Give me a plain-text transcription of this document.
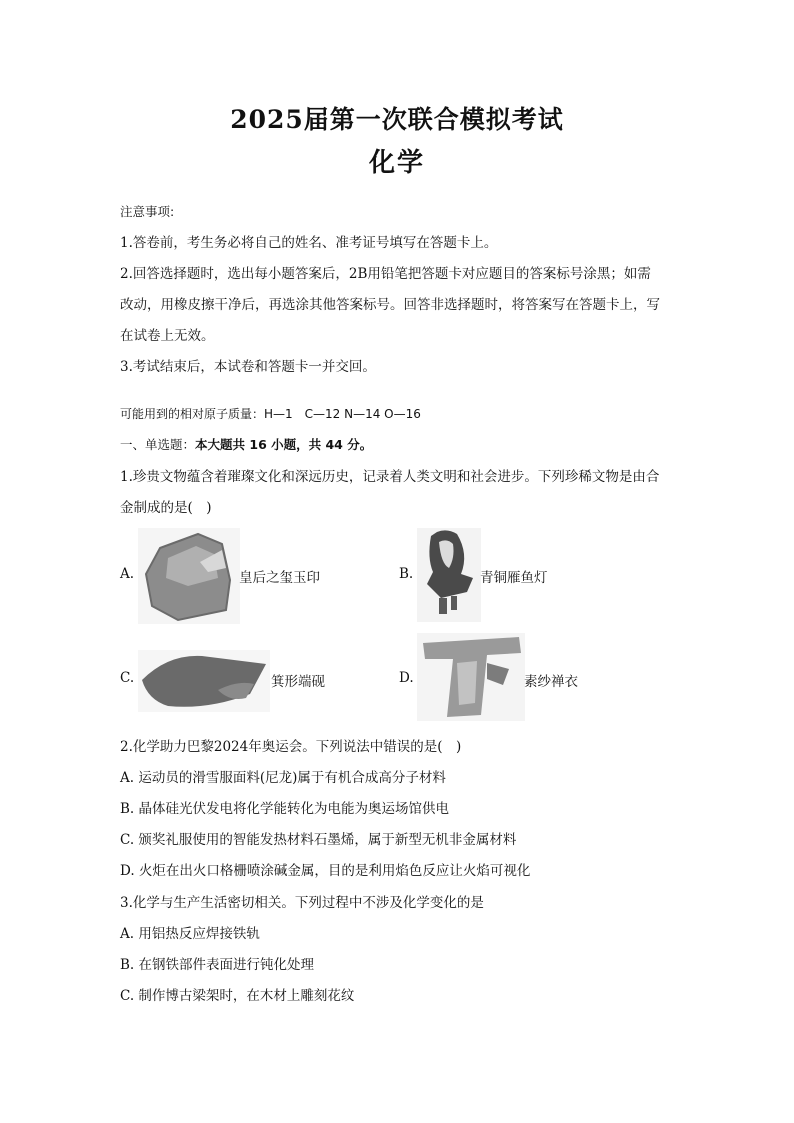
2025届第一次联合模拟考试
化学
注意事项:
1.答卷前，考生务必将自己的姓名、准考证号填写在答题卡上。
2.回答选择题时，选出每小题答案后，2B用铅笔把答题卡对应题目的答案标号涂黑；如需
改动，用橡皮擦干净后，再选涂其他答案标号。回答非选择题时，将答案写在答题卡上，写
在试卷上无效。
3.考试结束后，本试卷和答题卡一并交回。
可能用到的相对原子质量：H—1　C—12 N—14 O—16
一、单选题：本大题共 16 小题，共 44 分。
1.珍贵文物蕴含着璀璨文化和深远历史，记录着人类文明和社会进步。下列珍稀文物是由合
金制成的是(　)
A.	皇后之玺玉印	B.	青铜雁鱼灯
C.	箕形端砚	D.	素纱禅衣
2.化学助力巴黎2024年奥运会。下列说法中错误的是(　)
A. 运动员的滑雪服面料(尼龙)属于有机合成高分子材料
B. 晶体硅光伏发电将化学能转化为电能为奥运场馆供电
C. 颁奖礼服使用的智能发热材料石墨烯，属于新型无机非金属材料
D. 火炬在出火口格栅喷涂碱金属，目的是利用焰色反应让火焰可视化
3.化学与生产生活密切相关。下列过程中不涉及化学变化的是
A. 用铝热反应焊接铁轨
B. 在钢铁部件表面进行钝化处理
C. 制作博古梁架时，在木材上雕刻花纹
